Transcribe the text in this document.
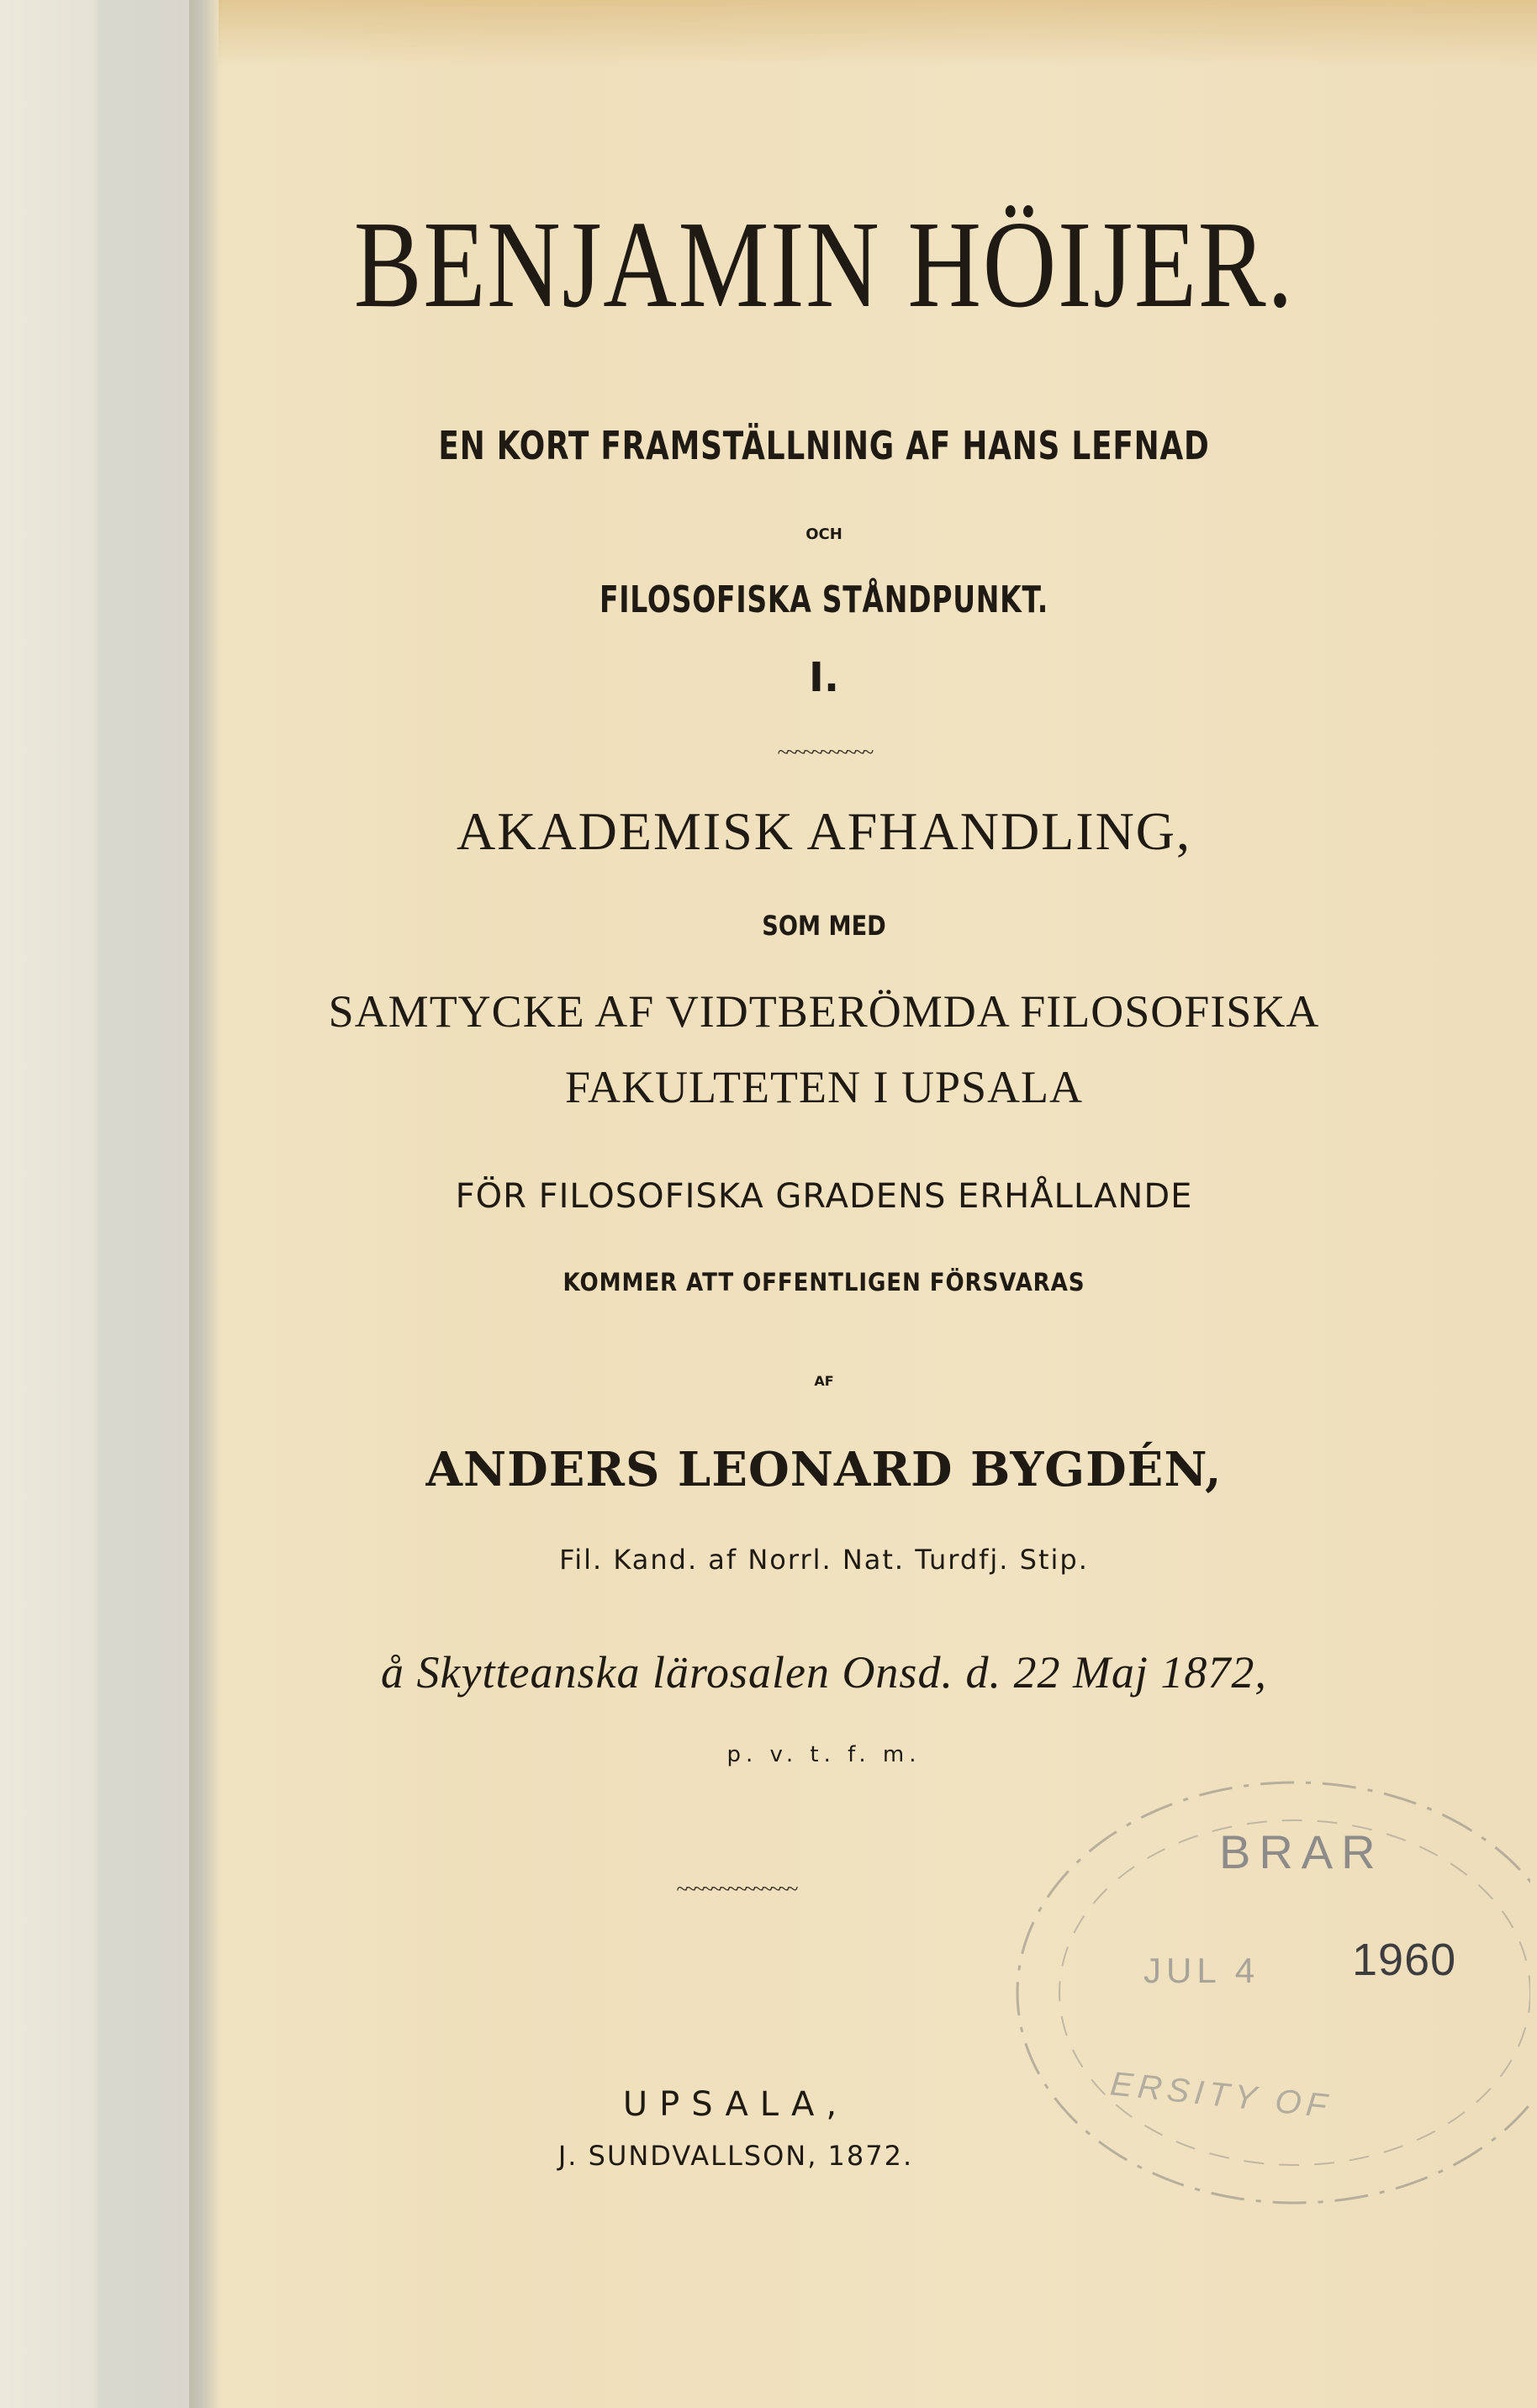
BENJAMIN HÖIJER.
EN KORT FRAMSTÄLLNING AF HANS LEFNAD
OCH
FILOSOFISKA STÅNDPUNKT.
I.
~~~~~~~~~~~
AKADEMISK AFHANDLING,
SOM MED
SAMTYCKE AF VIDTBERÖMDA FILOSOFISKA
FAKULTETEN I UPSALA
FÖR FILOSOFISKA GRADENS ERHÅLLANDE
KOMMER ATT OFFENTLIGEN FÖRSVARAS
AF
ANDERS LEONARD BYGDÉN,
Fil. Kand. af Norrl. Nat. Turdfj. Stip.
å Skytteanska lärosalen Onsd. d. 22 Maj 1872,
p. v. t. f. m.
~~~~~~~~~~~~~~
UPSALA,
J. SUNDVALLSON, 1872.
BRAR
JUL 4 1960
ERSITY OF
